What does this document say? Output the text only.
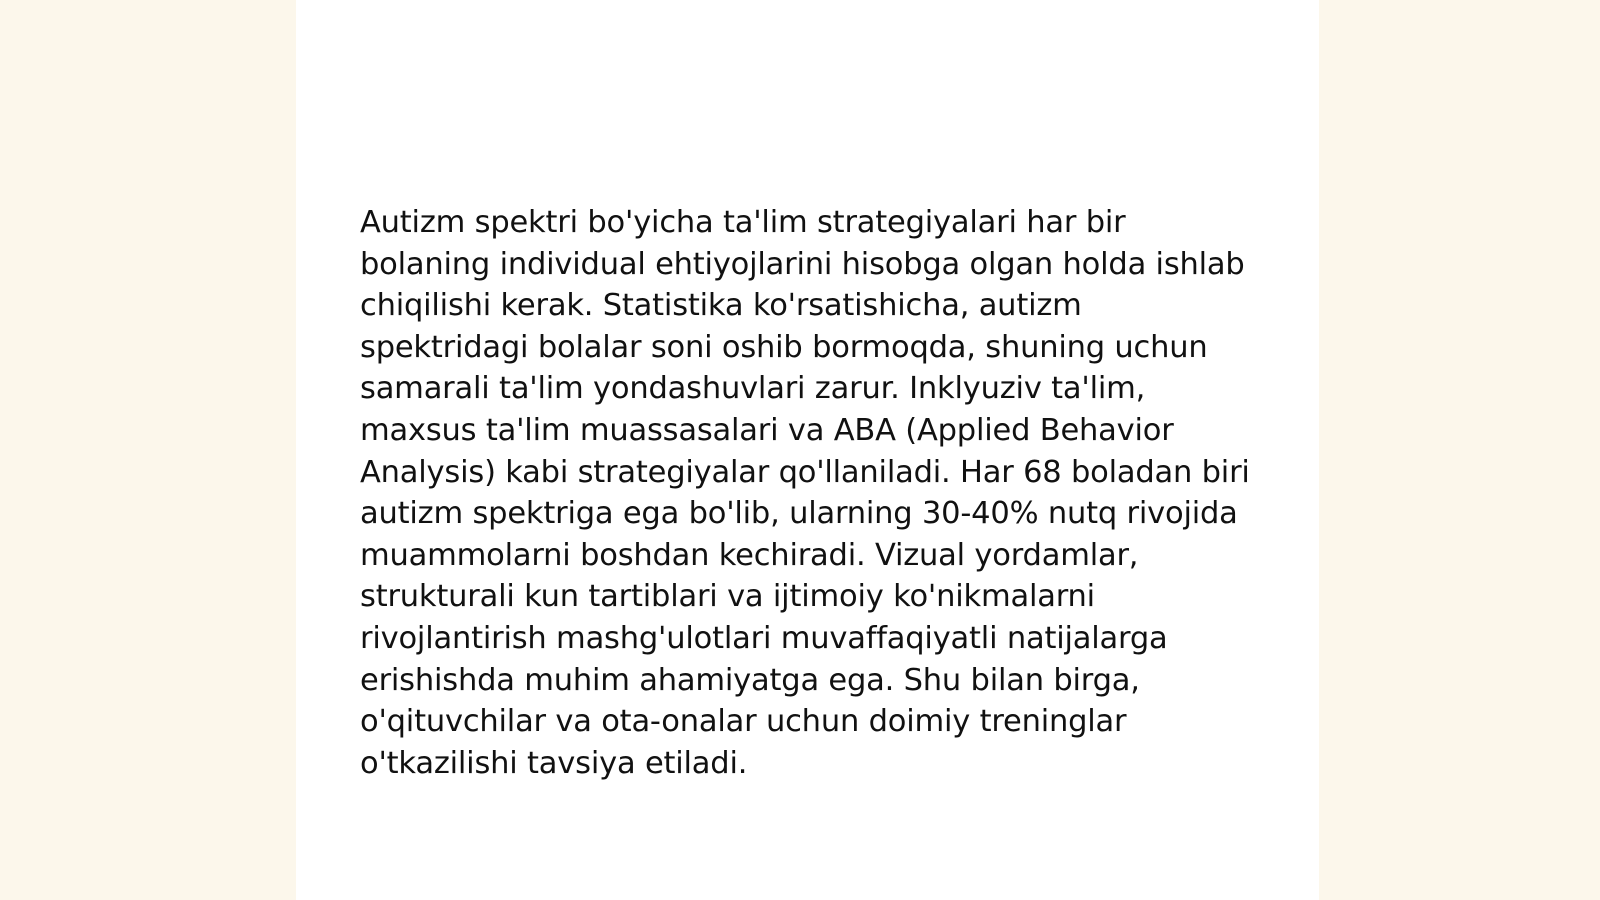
Autizm spektri bo'yicha ta'lim strategiyalari har bir bolaning individual ehtiyojlarini hisobga olgan holda ishlab chiqilishi kerak. Statistika ko'rsatishicha, autizm spektridagi bolalar soni oshib bormoqda, shuning uchun samarali ta'lim yondashuvlari zarur. Inklyuziv ta'lim, maxsus ta'lim muassasalari va ABA (Applied Behavior Analysis) kabi strategiyalar qo'llaniladi. Har 68 boladan biri autizm spektriga ega bo'lib, ularning 30-40% nutq rivojida muammolarni boshdan kechiradi. Vizual yordamlar, strukturali kun tartiblari va ijtimoiy ko'nikmalarni rivojlantirish mashg'ulotlari muvaffaqiyatli natijalarga erishishda muhim ahamiyatga ega. Shu bilan birga, o'qituvchilar va ota-onalar uchun doimiy treninglar o'tkazilishi tavsiya etiladi.
